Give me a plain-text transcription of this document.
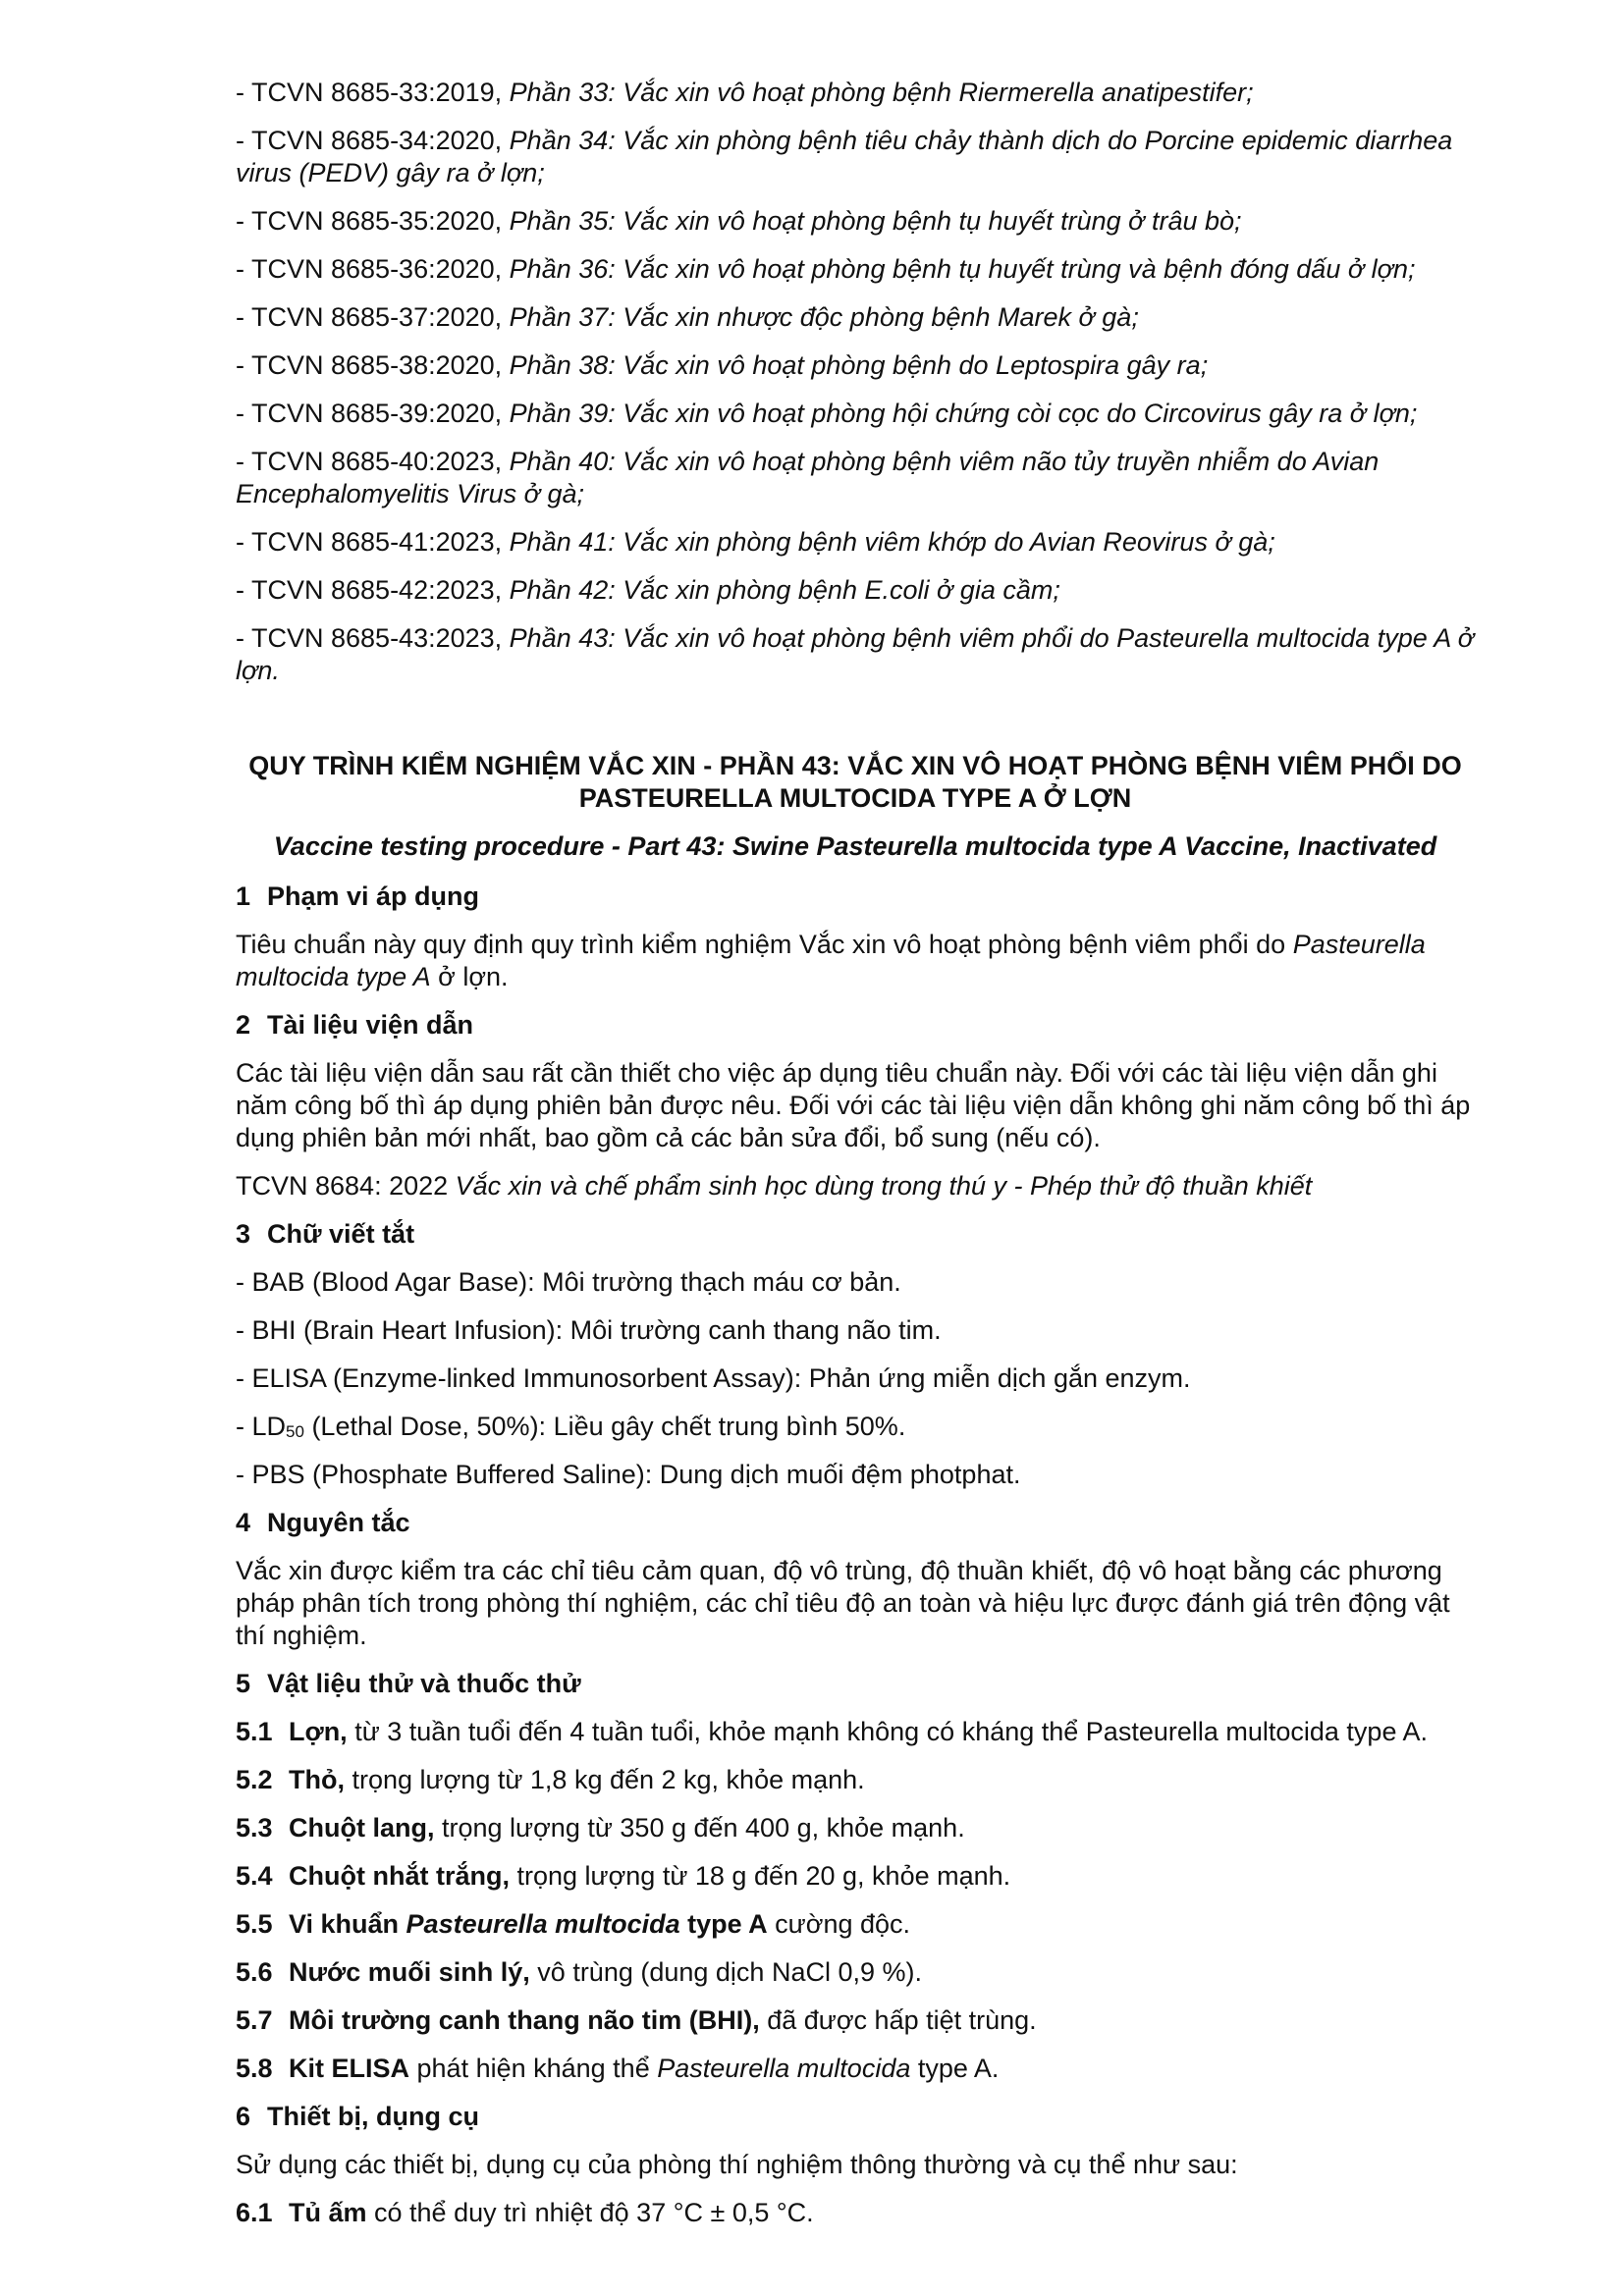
- TCVN 8685-33:2019, Phần 33: Vắc xin vô hoạt phòng bệnh Riermerella anatipestifer;

- TCVN 8685-34:2020, Phần 34: Vắc xin phòng bệnh tiêu chảy thành dịch do Porcine epidemic diarrhea virus (PEDV) gây ra ở lợn;

- TCVN 8685-35:2020, Phần 35: Vắc xin vô hoạt phòng bệnh tụ huyết trùng ở trâu bò;

- TCVN 8685-36:2020, Phần 36: Vắc xin vô hoạt phòng bệnh tụ huyết trùng và bệnh đóng dấu ở lợn;

- TCVN 8685-37:2020, Phần 37: Vắc xin nhược độc phòng bệnh Marek ở gà;

- TCVN 8685-38:2020, Phần 38: Vắc xin vô hoạt phòng bệnh do Leptospira gây ra;

- TCVN 8685-39:2020, Phần 39: Vắc xin vô hoạt phòng hội chứng còi cọc do Circovirus gây ra ở lợn;

- TCVN 8685-40:2023, Phần 40: Vắc xin vô hoạt phòng bệnh viêm não tủy truyền nhiễm do Avian Encephalomyelitis Virus ở gà;

- TCVN 8685-41:2023, Phần 41: Vắc xin phòng bệnh viêm khớp do Avian Reovirus ở gà;

- TCVN 8685-42:2023, Phần 42: Vắc xin phòng bệnh E.coli ở gia cầm;

- TCVN 8685-43:2023, Phần 43: Vắc xin vô hoạt phòng bệnh viêm phổi do Pasteurella multocida type A ở lợn.

QUY TRÌNH KIỂM NGHIỆM VẮC XIN - PHẦN 43: VẮC XIN VÔ HOẠT PHÒNG BỆNH VIÊM PHỔI DO PASTEURELLA MULTOCIDA TYPE A Ở LỢN
Vaccine testing procedure - Part 43: Swine Pasteurella multocida type A Vaccine, Inactivated
1 Phạm vi áp dụng

Tiêu chuẩn này quy định quy trình kiểm nghiệm Vắc xin vô hoạt phòng bệnh viêm phổi do Pasteurella multocida type A ở lợn.

2 Tài liệu viện dẫn

Các tài liệu viện dẫn sau rất cần thiết cho việc áp dụng tiêu chuẩn này. Đối với các tài liệu viện dẫn ghi năm công bố thì áp dụng phiên bản được nêu. Đối với các tài liệu viện dẫn không ghi năm công bố thì áp dụng phiên bản mới nhất, bao gồm cả các bản sửa đổi, bổ sung (nếu có).

TCVN 8684: 2022 Vắc xin và chế phẩm sinh học dùng trong thú y - Phép thử độ thuần khiết

3 Chữ viết tắt

- BAB (Blood Agar Base): Môi trường thạch máu cơ bản.

- BHI (Brain Heart Infusion): Môi trường canh thang não tim.

- ELISA (Enzyme-linked Immunosorbent Assay): Phản ứng miễn dịch gắn enzym.

- $LD_{50}$ (Lethal Dose, 50%): Liều gây chết trung bình 50%.

- PBS (Phosphate Buffered Saline): Dung dịch muối đệm photphat.

4 Nguyên tắc

Vắc xin được kiểm tra các chỉ tiêu cảm quan, độ vô trùng, độ thuần khiết, độ vô hoạt bằng các phương pháp phân tích trong phòng thí nghiệm, các chỉ tiêu độ an toàn và hiệu lực được đánh giá trên động vật thí nghiệm.

5 Vật liệu thử và thuốc thử

5.1 Lợn, từ 3 tuần tuổi đến 4 tuần tuổi, khỏe mạnh không có kháng thể Pasteurella multocida type A.

5.2 Thỏ, trọng lượng từ 1,8 kg đến 2 kg, khỏe mạnh.

5.3 Chuột lang, trọng lượng từ 350 g đến 400 g, khỏe mạnh.

5.4 Chuột nhắt trắng, trọng lượng từ 18 g đến 20 g, khỏe mạnh.

5.5 Vi khuẩn Pasteurella multocida type A cường độc.

5.6 Nước muối sinh lý, vô trùng (dung dịch NaCl 0,9 %).

5.7 Môi trường canh thang não tim (BHI), đã được hấp tiệt trùng.

5.8 Kit ELISA phát hiện kháng thể Pasteurella multocida type A.

6 Thiết bị, dụng cụ

Sử dụng các thiết bị, dụng cụ của phòng thí nghiệm thông thường và cụ thể như sau:

6.1 Tủ ấm có thể duy trì nhiệt độ 37 °C ± 0,5 °C.
